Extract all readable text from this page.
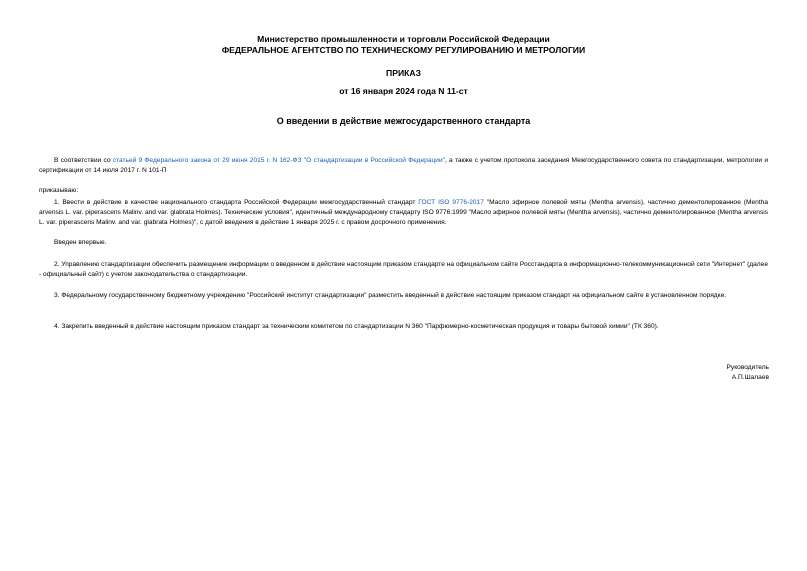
Министерство промышленности и торговли Российской Федерации
ФЕДЕРАЛЬНОЕ АГЕНТСТВО ПО ТЕХНИЧЕСКОМУ РЕГУЛИРОВАНИЮ И МЕТРОЛОГИИ
ПРИКАЗ
от 16 января 2024 года N 11-ст
О введении в действие межгосударственного стандарта
В соответствии со статьей 9 Федерального закона от 29 июня 2015 г. N 162-ФЗ "О стандартизации в Российской Федерации", а также с учетом протокола заседания Межгосударственного совета по стандартизации, метрологии и сертификации от 14 июля 2017 г. N 101-П
приказываю:
1. Ввести в действие в качестве национального стандарта Российской Федерации межгосударственный стандарт ГОСТ ISO 9776-2017 "Масло эфирное полевой мяты (Mentha arvensis), частично дементолированное (Mentha arvensis L. var. piperascens Malinv. and var. glabrata Holmes). Технические условия", идентичный международному стандарту ISO 9776:1999 "Масло эфирное полевой мяты (Mentha arvensis), частично дементолированное (Mentha arvensis L. var. piperascens Malinv. and var. glabrata Holmes)", с датой введения в действие 1 января 2025 г. с правом досрочного применения.
Введен впервые.
2. Управлению стандартизации обеспечить размещение информации о введенном в действие настоящим приказом стандарте на официальном сайте Росстандарта в информационно-телекоммуникационной сети "Интернет" (далее - официальный сайт) с учетом законодательства о стандартизации.
3. Федеральному государственному бюджетному учреждению "Российский институт стандартизации" разместить введенный в действие настоящим приказом стандарт на официальном сайте в установленном порядке.
4. Закрепить введенный в действие настоящим приказом стандарт за техническим комитетом по стандартизации N 360 "Парфюмерно-косметическая продукция и товары бытовой химии" (ТК 360).
Руководитель
А.П.Шалаев
